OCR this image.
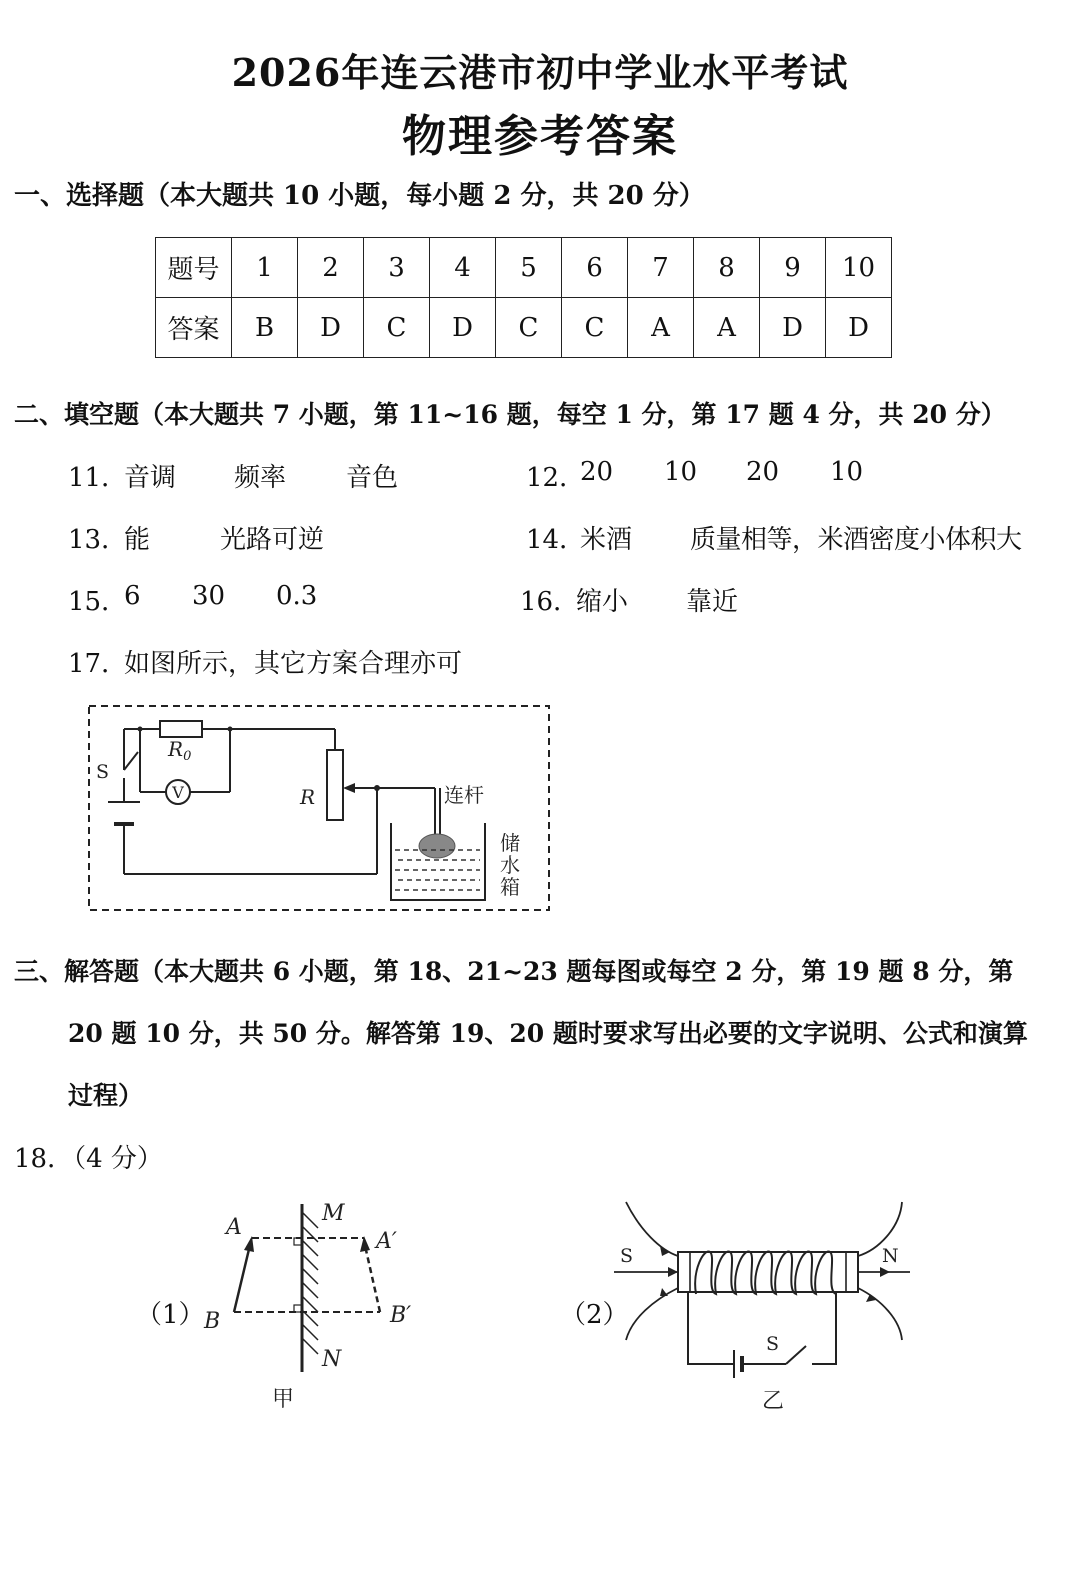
2026年连云港市初中学业水平考试
物理参考答案
一、选择题（本大题共 10 小题，每小题 2 分，共 20 分）
题号	1	2	3	4	5	6	7	8	9	10
答案	B	D	C	D	C	C	A	A	D	D
二、填空题（本大题共 7 小题，第 11~16 题，每空 1 分，第 17 题 4 分，共 20 分）
11．
音调 频率 音色	12．
20 10 20 10
13．
能	光路可逆	14．
米酒 质量相等，米酒密度小体积大
15．
6 30 0.3	16．
缩小 靠近
17．
如图所示，其它方案合理亦可
V
$R_0$
S
R	连杆
储
水
箱
三、解答题（本大题共 6 小题，第 18、21~23 题每图或每空 2 分，第 19 题 8 分，第
20 题 10 分，共 50 分。解答第 19、20 题时要求写出必要的文字说明、公式和演算
过程）
18．（4 分）
（1）
A
B
A′
B′
M
N
甲
（2）
S	N
S
乙
